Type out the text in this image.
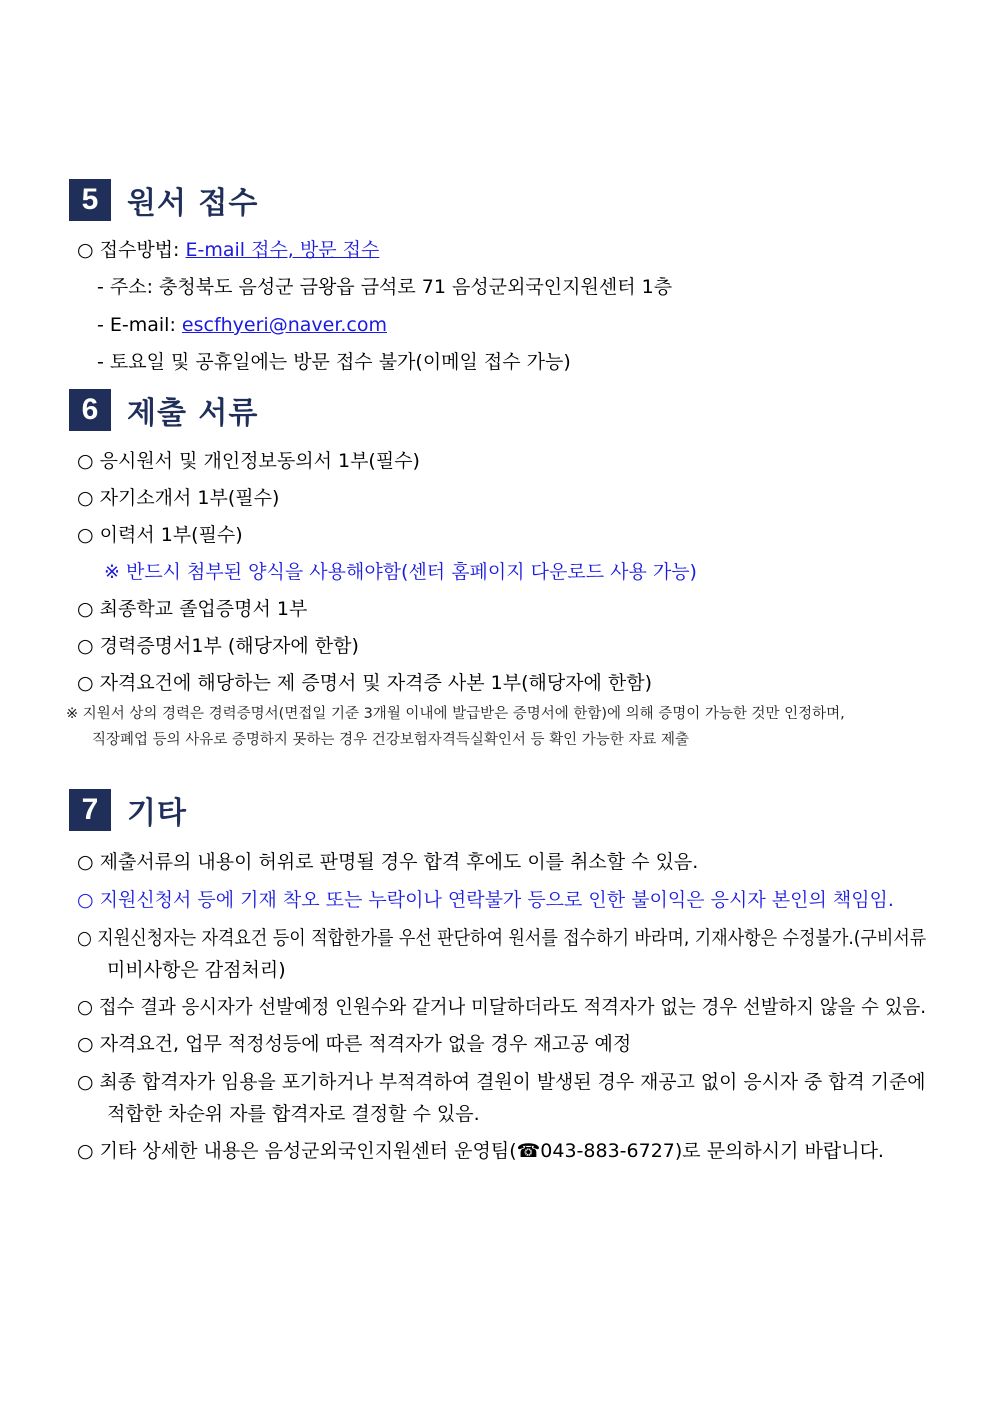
5 원서 접수
○ 접수방법: E-mail 접수, 방문 접수
- 주소: 충청북도 음성군 금왕읍 금석로 71 음성군외국인지원센터 1층
- E-mail: escfhyeri@naver.com
- 토요일 및 공휴일에는 방문 접수 불가(이메일 접수 가능)
6 제출 서류
○ 응시원서 및 개인정보동의서 1부(필수)
○ 자기소개서 1부(필수)
○ 이력서 1부(필수)
※ 반드시 첨부된 양식을 사용해야함(센터 홈페이지 다운로드 사용 가능)
○ 최종학교 졸업증명서 1부
○ 경력증명서1부 (해당자에 한함)
○ 자격요건에 해당하는 제 증명서 및 자격증 사본 1부(해당자에 한함)
※ 지원서 상의 경력은 경력증명서(면접일 기준 3개월 이내에 발급받은 증명서에 한함)에 의해 증명이 가능한 것만 인정하며,
직장폐업 등의 사유로 증명하지 못하는 경우 건강보험자격득실확인서 등 확인 가능한 자료 제출
7 기타
○ 제출서류의 내용이 허위로 판명될 경우 합격 후에도 이를 취소할 수 있음.
○ 지원신청서 등에 기재 착오 또는 누락이나 연락불가 등으로 인한 불이익은 응시자 본인의 책임임.
○ 지원신청자는 자격요건 등이 적합한가를 우선 판단하여 원서를 접수하기 바라며, 기재사항은 수정불가.(구비서류
미비사항은 감점처리)
○ 접수 결과 응시자가 선발예정 인원수와 같거나 미달하더라도 적격자가 없는 경우 선발하지 않을 수 있음.
○ 자격요건, 업무 적정성등에 따른 적격자가 없을 경우 재고공 예정
○ 최종 합격자가 임용을 포기하거나 부적격하여 결원이 발생된 경우 재공고 없이 응시자 중 합격 기준에
적합한 차순위 자를 합격자로 결정할 수 있음.
○ 기타 상세한 내용은 음성군외국인지원센터 운영팀(☎043-883-6727)로 문의하시기 바랍니다.
